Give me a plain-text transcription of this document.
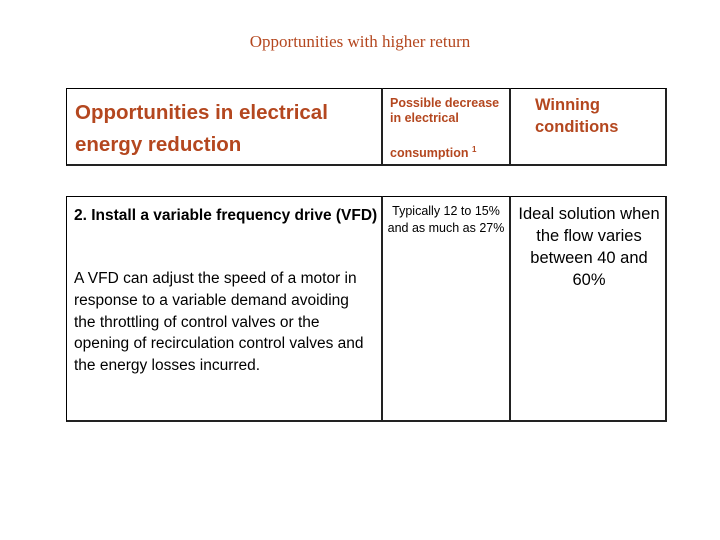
Opportunities with higher return
Opportunities in electrical energy reduction
Possible decrease in electrical
consumption $^1$
Winning conditions
2. Install a variable frequency drive (VFD)
A VFD can adjust the speed of a motor in response to a variable demand avoiding the throttling of control valves or the opening of recirculation control valves and the energy losses incurred.
Typically 12 to 15% and as much as 27%
Ideal solution when the flow varies between 40 and 60%
